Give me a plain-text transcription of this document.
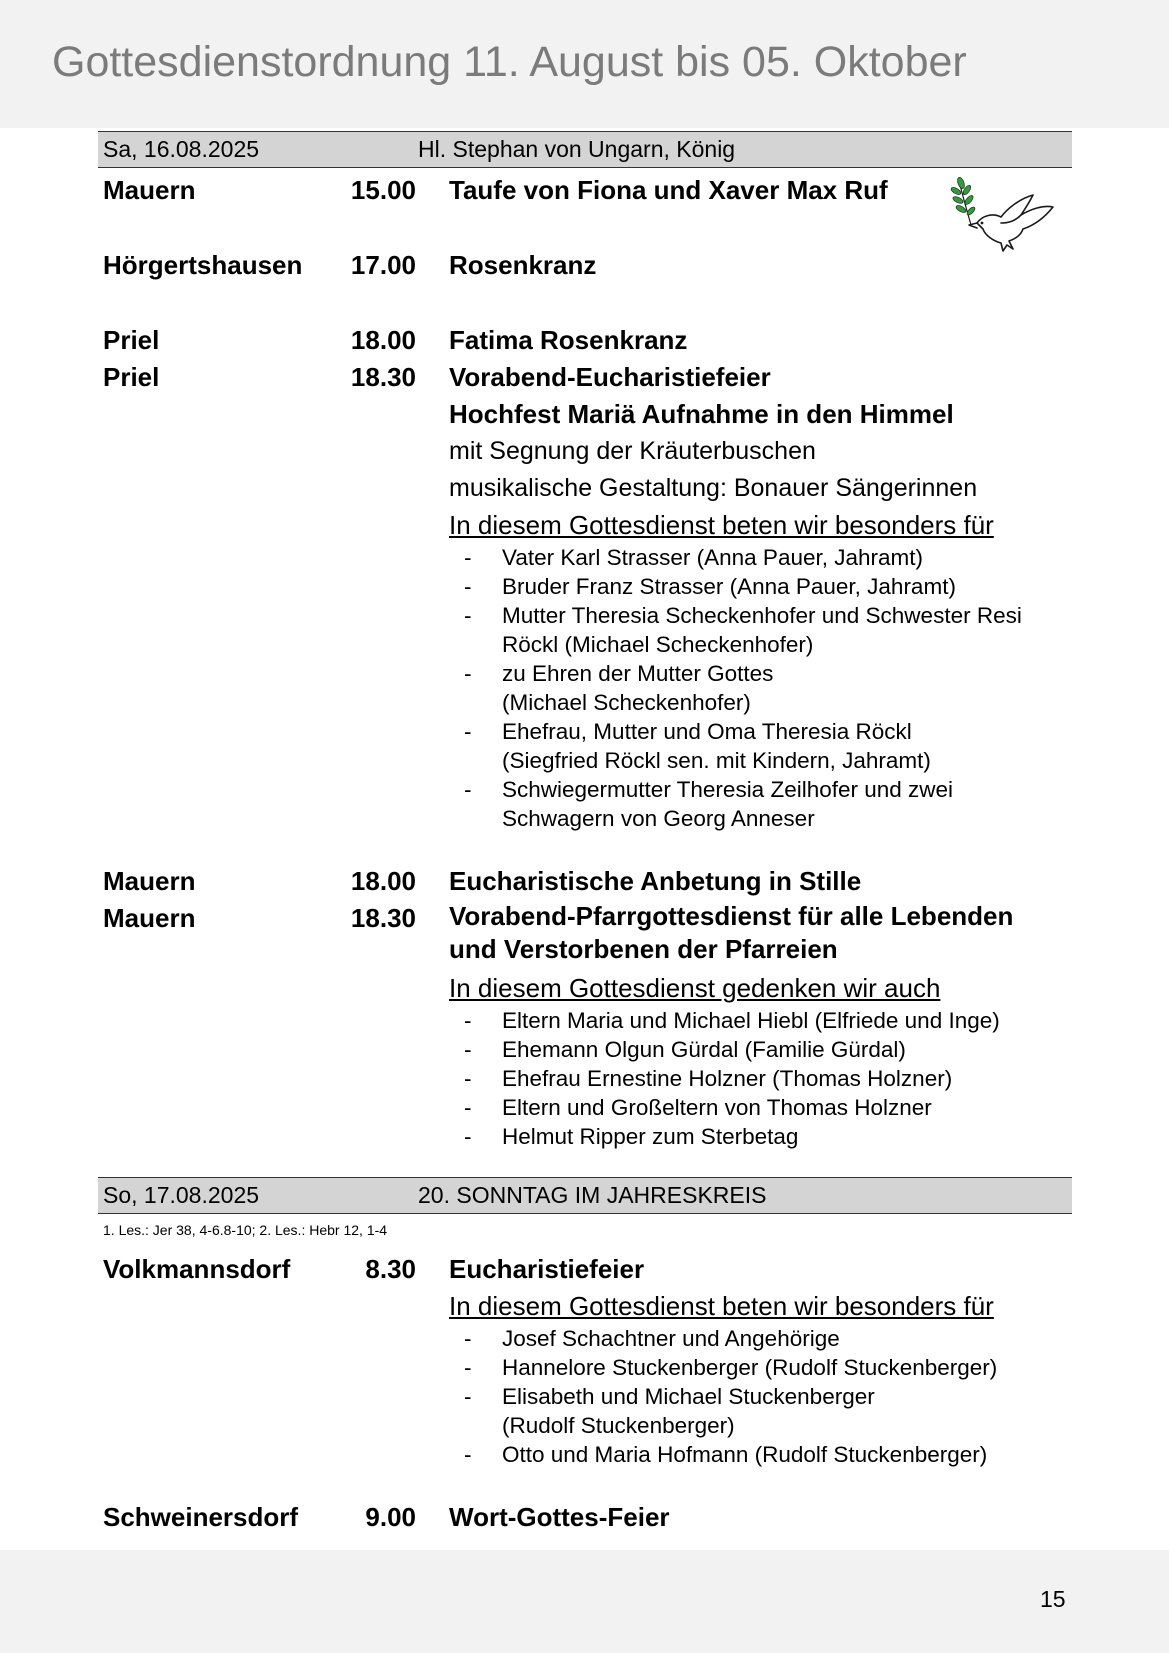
Gottesdienstordnung 11. August bis 05. Oktober
Sa, 16.08.2025	Hl. Stephan von Ungarn, König
Mauern	15.00 Taufe von Fiona und Xaver Max Ruf
Hörgertshausen	17.00 Rosenkranz
Priel	18.00 Fatima Rosenkranz
Priel	18.30 Vorabend-Eucharistiefeier
Hochfest Mariä Aufnahme in den Himmel
mit Segnung der Kräuterbuschen
musikalische Gestaltung: Bonauer Sängerinnen
In diesem Gottesdienst beten wir besonders für
- Vater Karl Strasser (Anna Pauer, Jahramt)
- Bruder Franz Strasser (Anna Pauer, Jahramt)
- Mutter Theresia Scheckenhofer und Schwester Resi
Röckl (Michael Scheckenhofer)
- zu Ehren der Mutter Gottes
(Michael Scheckenhofer)
- Ehefrau, Mutter und Oma Theresia Röckl
(Siegfried Röckl sen. mit Kindern, Jahramt)
- Schwiegermutter Theresia Zeilhofer und zwei
Schwagern von Georg Anneser
Mauern	18.00 Eucharistische Anbetung in Stille
Mauern	18.30 Vorabend-Pfarrgottesdienst für alle Lebenden
und Verstorbenen der Pfarreien
In diesem Gottesdienst gedenken wir auch
- Eltern Maria und Michael Hiebl (Elfriede und Inge)
- Ehemann Olgun Gürdal (Familie Gürdal)
- Ehefrau Ernestine Holzner (Thomas Holzner)
- Eltern und Großeltern von Thomas Holzner
- Helmut Ripper zum Sterbetag
So, 17.08.2025	20. SONNTAG IM JAHRESKREIS
1. Les.: Jer 38, 4-6.8-10; 2. Les.: Hebr 12, 1-4
Volkmannsdorf	8.30 Eucharistiefeier
In diesem Gottesdienst beten wir besonders für
- Josef Schachtner und Angehörige
- Hannelore Stuckenberger (Rudolf Stuckenberger)
- Elisabeth und Michael Stuckenberger
(Rudolf Stuckenberger)
- Otto und Maria Hofmann (Rudolf Stuckenberger)
Schweinersdorf	9.00 Wort-Gottes-Feier
15
